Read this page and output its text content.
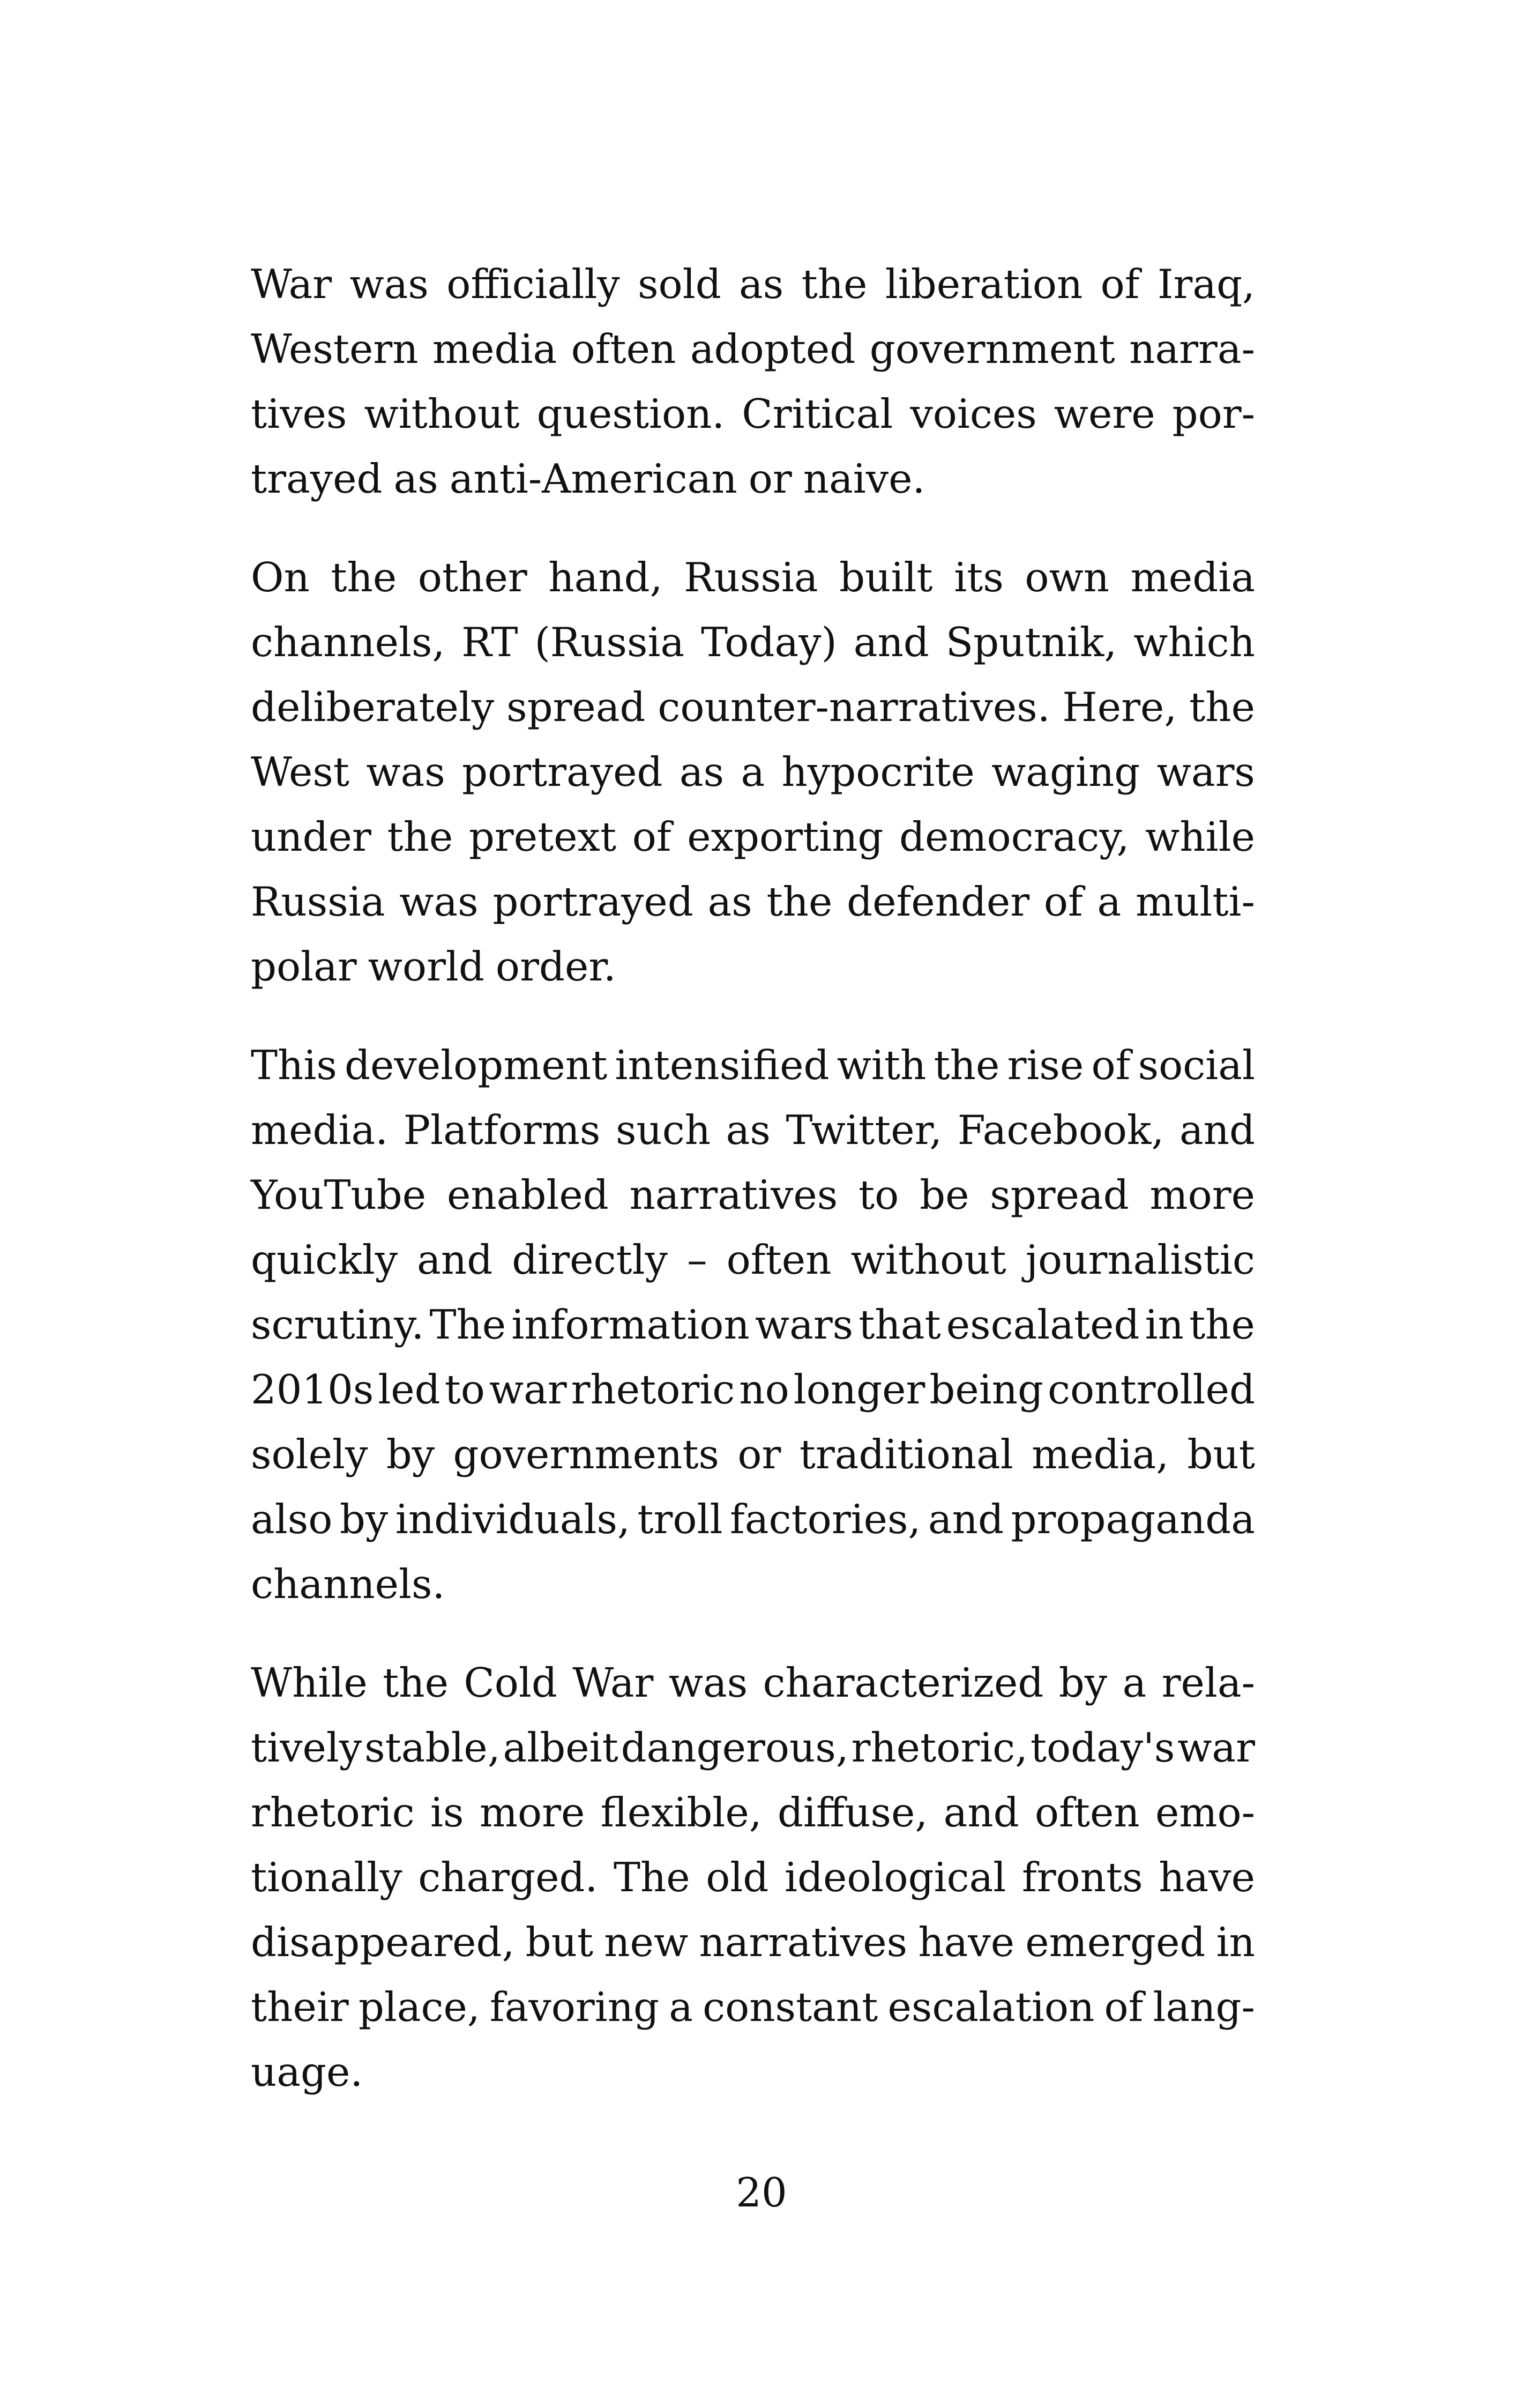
War was officially sold as the liberation of Iraq,
Western media often adopted government narra-
tives without question. Critical voices were por-
trayed as anti-American or naive.
On the other hand, Russia built its own media
channels, RT (Russia Today) and Sputnik, which
deliberately spread counter-narratives. Here, the
West was portrayed as a hypocrite waging wars
under the pretext of exporting democracy, while
Russia was portrayed as the defender of a multi-
polar world order.
This development intensified with the rise of social
media. Platforms such as Twitter, Facebook, and
YouTube enabled narratives to be spread more
quickly and directly – often without journalistic
scrutiny. The information wars that escalated in the
2010s led to war rhetoric no longer being controlled
solely by governments or traditional media, but
also by individuals, troll factories, and propaganda
channels.
While the Cold War was characterized by a rela-
tively stable, albeit dangerous, rhetoric, today's war
rhetoric is more flexible, diffuse, and often emo-
tionally charged. The old ideological fronts have
disappeared, but new narratives have emerged in
their place, favoring a constant escalation of lang-
uage.
20
